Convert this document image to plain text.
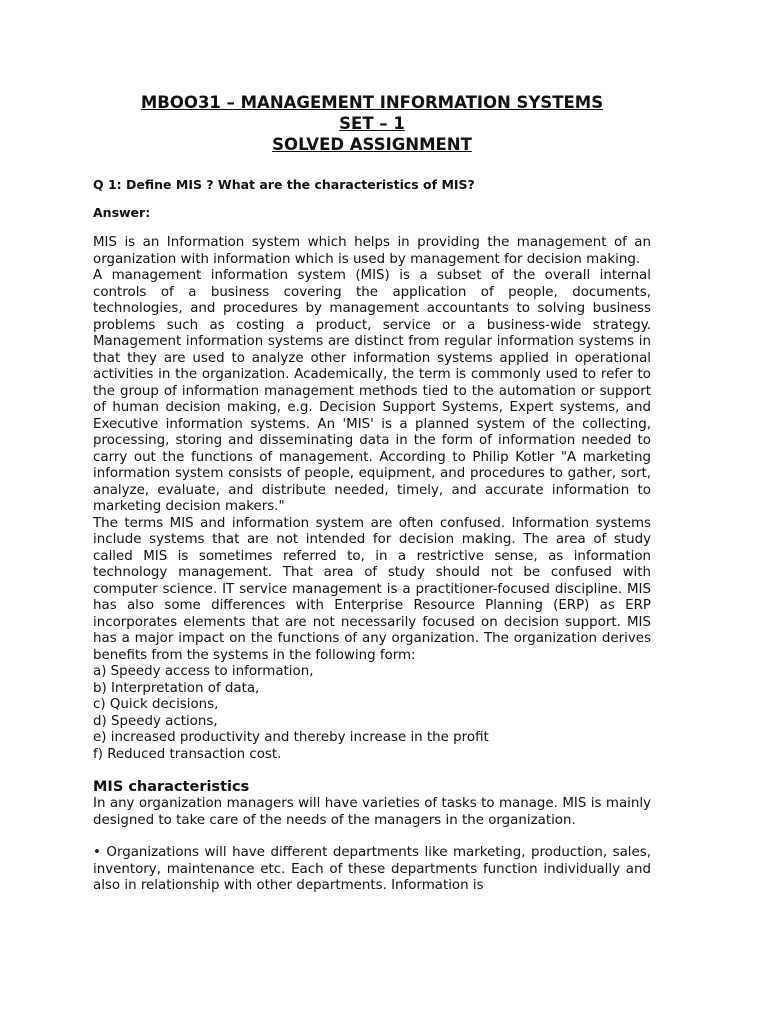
MBOO31 – MANAGEMENT INFORMATION SYSTEMS
SET – 1
SOLVED ASSIGNMENT
Q 1: Define MIS ? What are the characteristics of MIS?
Answer:

MIS is an Information system which helps in providing the management of an organization with information which is used by management for decision making.

A management information system (MIS) is a subset of the overall internal controls of a business covering the application of people, documents, technologies, and procedures by management accountants to solving business problems such as costing a product, service or a business-wide strategy. Management information systems are distinct from regular information systems in that they are used to analyze other information systems applied in operational activities in the organization. Academically, the term is commonly used to refer to the group of information management methods tied to the automation or support of human decision making, e.g. Decision Support Systems, Expert systems, and Executive information systems. An 'MIS' is a planned system of the collecting, processing, storing and disseminating data in the form of information needed to carry out the functions of management. According to Philip Kotler "A marketing information system consists of people, equipment, and procedures to gather, sort, analyze, evaluate, and distribute needed, timely, and accurate information to marketing decision makers."

The terms MIS and information system are often confused. Information systems include systems that are not intended for decision making. The area of study called MIS is sometimes referred to, in a restrictive sense, as information technology management. That area of study should not be confused with computer science. IT service management is a practitioner-focused discipline. MIS has also some differences with Enterprise Resource Planning (ERP) as ERP incorporates elements that are not necessarily focused on decision support. MIS has a major impact on the functions of any organization. The organization derives benefits from the systems in the following form:

a) Speedy access to information,

b) Interpretation of data,

c) Quick decisions,

d) Speedy actions,

e) increased productivity and thereby increase in the profit

f) Reduced transaction cost.

MIS characteristics

In any organization managers will have varieties of tasks to manage. MIS is mainly designed to take care of the needs of the managers in the organization.

• Organizations will have different departments like marketing, production, sales, inventory, maintenance etc. Each of these departments function individually and also in relationship with other departments. Information is
